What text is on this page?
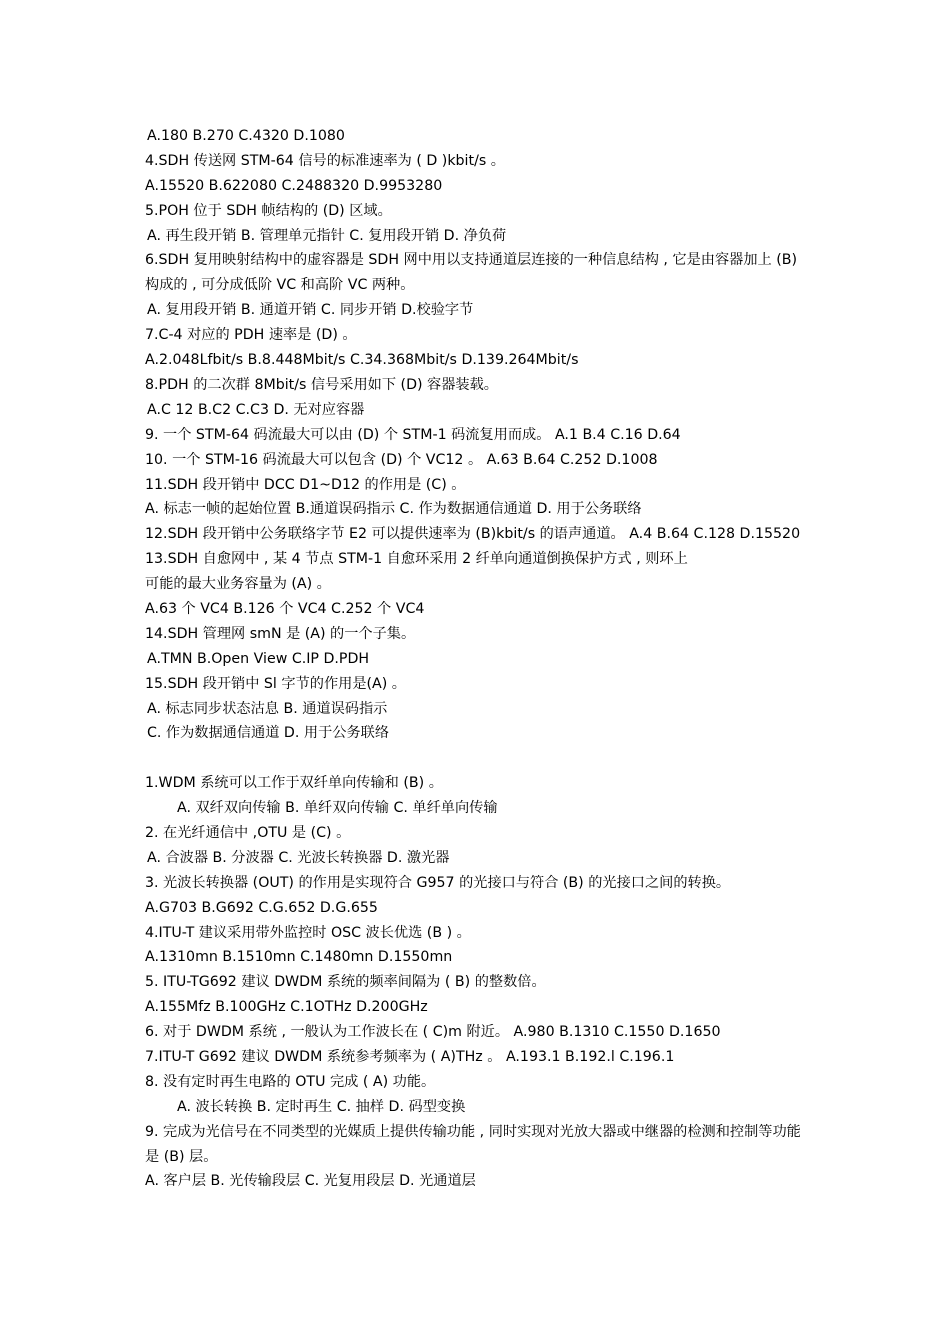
A.180 B.270 C.4320 D.1080
4.SDH 传送网 STM-64 信号的标准速率为 ( D )kbit/s 。
A.15520 B.622080 C.2488320 D.9953280
5.POH 位于 SDH 帧结构的 (D) 区域。
A. 再生段开销 B. 管理单元指针 C. 复用段开销 D. 净负荷
6.SDH 复用映射结构中的虚容器是 SDH 网中用以支持通道层连接的一种信息结构 , 它是由容器加上 (B) 构成的 , 可分成低阶 VC 和高阶 VC 两种。
A. 复用段开销 B. 通道开销 C. 同步开销 D.校验字节
7.C-4 对应的 PDH 速率是 (D) 。
A.2.048Lfbit/s B.8.448Mbit/s C.34.368Mbit/s D.139.264Mbit/s
8.PDH 的二次群 8Mbit/s 信号采用如下 (D) 容器装载。
A.C 12 B.C2 C.C3 D. 无对应容器
9. 一个 STM-64 码流最大可以由 (D) 个 STM-1 码流复用而成。 A.1 B.4 C.16 D.64
10. 一个 STM-16 码流最大可以包含 (D) 个 VC12 。 A.63 B.64 C.252 D.1008
11.SDH 段开销中 DCC D1~D12 的作用是 (C) 。
A. 标志一帧的起始位置 B.通道误码指示 C. 作为数据通信通道 D. 用于公务联络
12.SDH 段开销中公务联络字节 E2 可以提供速率为 (B)kbit/s 的语声通道。 A.4 B.64 C.128 D.15520
13.SDH 自愈网中 , 某 4 节点 STM-1 自愈环采用 2 纤单向通道倒换保护方式 , 则环上
可能的最大业务容量为 (A) 。
A.63 个 VC4 B.126 个 VC4 C.252 个 VC4
14.SDH 管理网 smN 是 (A) 的一个子集。
A.TMN B.Open View C.IP D.PDH
15.SDH 段开销中 Sl 字节的作用是(A) 。
A. 标志同步状态沽息 B. 通道误码指示
C. 作为数据通信通道 D. 用于公务联络
1.WDM 系统可以工作于双纤单向传输和 (B) 。
A. 双纤双向传输 B. 单纤双向传输 C. 单纤单向传输
2. 在光纤通信中 ,OTU 是 (C) 。
A. 合波器 B. 分波器 C. 光波长转换器 D. 激光器
3. 光波长转换器 (OUT) 的作用是实现符合 G957 的光接口与符合 (B) 的光接口之间的转换。
A.G703 B.G692 C.G.652 D.G.655
4.ITU-T 建议采用带外监控时 OSC 波长优选 (B ) 。
A.1310mn B.1510mn C.1480mn D.1550mn
5. ITU-TG692 建议 DWDM 系统的频率间隔为 ( B) 的整数倍。
A.155Mfz B.100GHz C.1OTHz D.200GHz
6. 对于 DWDM 系统 , 一般认为工作波长在 ( C)m 附近。 A.980 B.1310 C.1550 D.1650
7.ITU-T G692 建议 DWDM 系统参考频率为 ( A)THz 。 A.193.1 B.192.l C.196.1
8. 没有定时再生电路的 OTU 完成 ( A) 功能。
A. 波长转换 B. 定时再生 C. 抽样 D. 码型变换
9. 完成为光信号在不同类型的光媒质上提供传输功能 , 同时实现对光放大器或中继器的检测和控制等功能是 (B) 层。
A. 客户层 B. 光传输段层 C. 光复用段层 D. 光通道层
